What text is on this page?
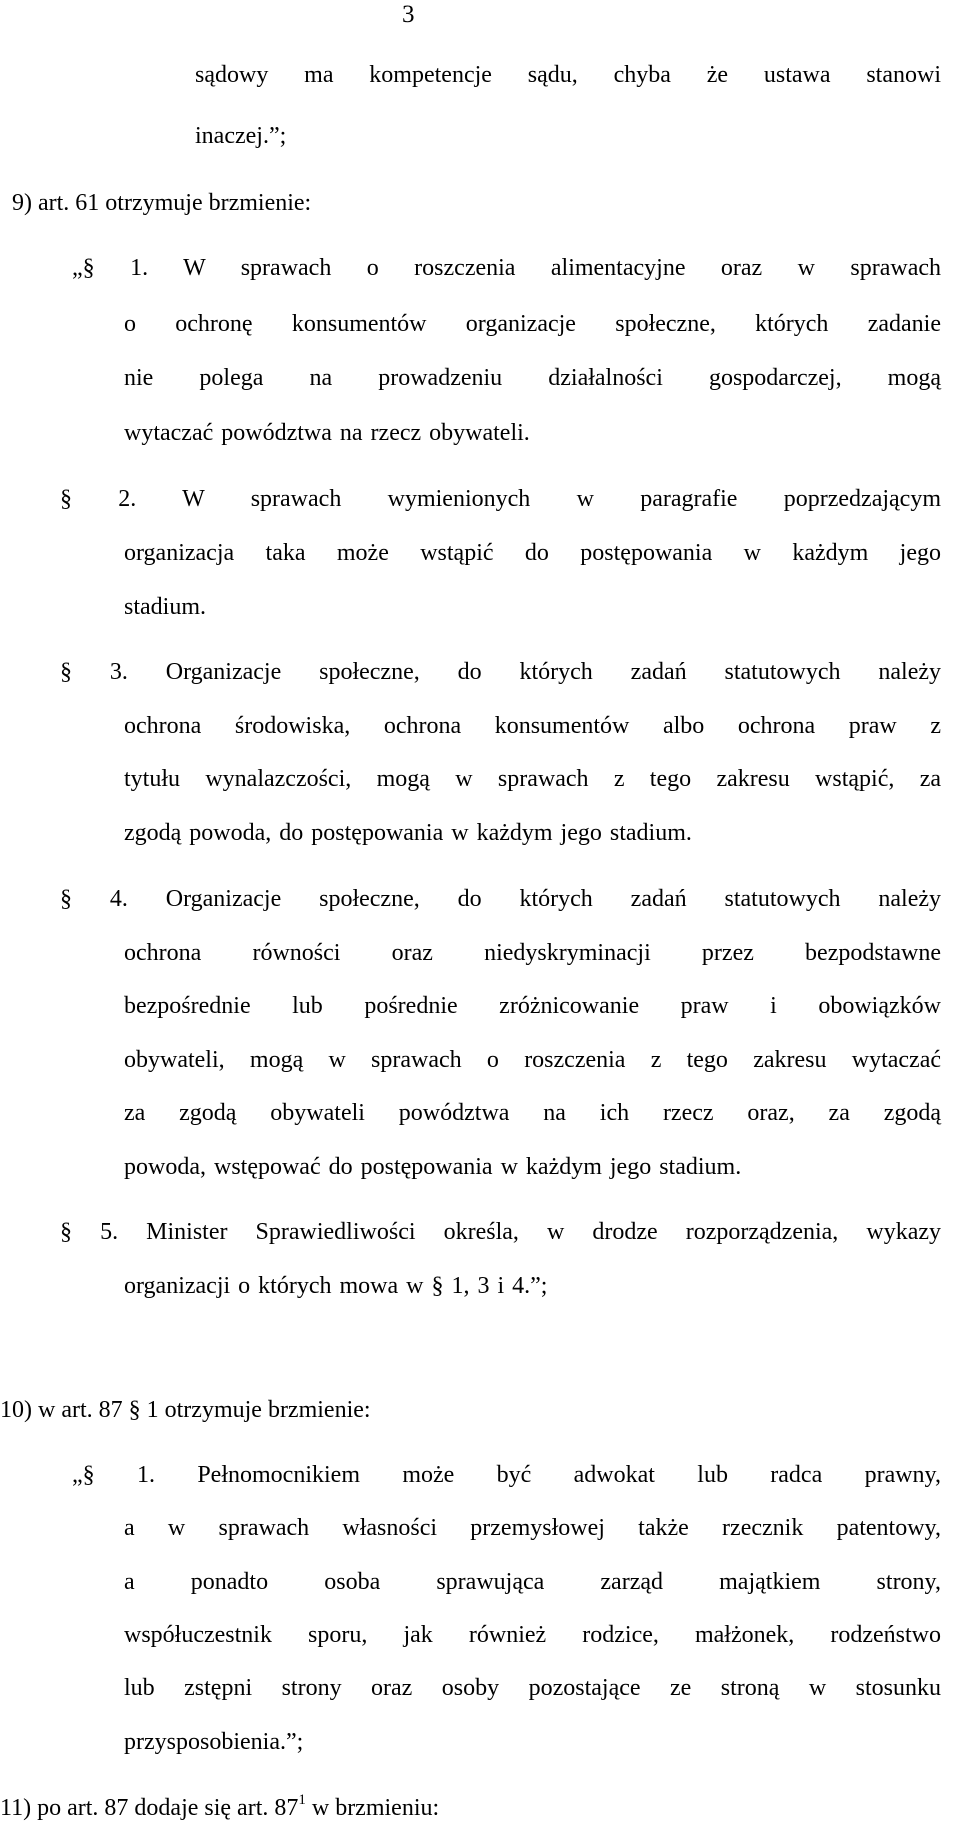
3
sądowy ma kompetencje sądu, chyba że ustawa stanowi
inaczej.”;
9) art. 61 otrzymuje brzmienie:
„§ 1. W sprawach o roszczenia alimentacyjne oraz w sprawach
o ochronę konsumentów organizacje społeczne, których zadanie
nie polega na prowadzeniu działalności gospodarczej, mogą
wytaczać powództwa na rzecz obywateli.
§ 2. W sprawach wymienionych w paragrafie poprzedzającym
organizacja taka może wstąpić do postępowania w każdym jego
stadium.
§ 3. Organizacje społeczne, do których zadań statutowych należy
ochrona środowiska, ochrona konsumentów albo ochrona praw z
tytułu wynalazczości, mogą w sprawach z tego zakresu wstąpić, za
zgodą powoda, do postępowania w każdym jego stadium.
§ 4. Organizacje społeczne, do których zadań statutowych należy
ochrona równości oraz niedyskryminacji przez bezpodstawne
bezpośrednie lub pośrednie zróżnicowanie praw i obowiązków
obywateli, mogą w sprawach o roszczenia z tego zakresu wytaczać
za zgodą obywateli powództwa na ich rzecz oraz, za zgodą
powoda, wstępować do postępowania w każdym jego stadium.
§ 5. Minister Sprawiedliwości określa, w drodze rozporządzenia, wykazy
organizacji o których mowa w § 1, 3 i 4.”;
10) w art. 87 § 1 otrzymuje brzmienie:
„§ 1. Pełnomocnikiem może być adwokat lub radca prawny,
a w sprawach własności przemysłowej także rzecznik patentowy,
a ponadto osoba sprawująca zarząd majątkiem strony,
współuczestnik sporu, jak również rodzice, małżonek, rodzeństwo
lub zstępni strony oraz osoby pozostające ze stroną w stosunku
przysposobienia.”;
11) po art. 87 dodaje się art. $87^1$ w brzmieniu:
